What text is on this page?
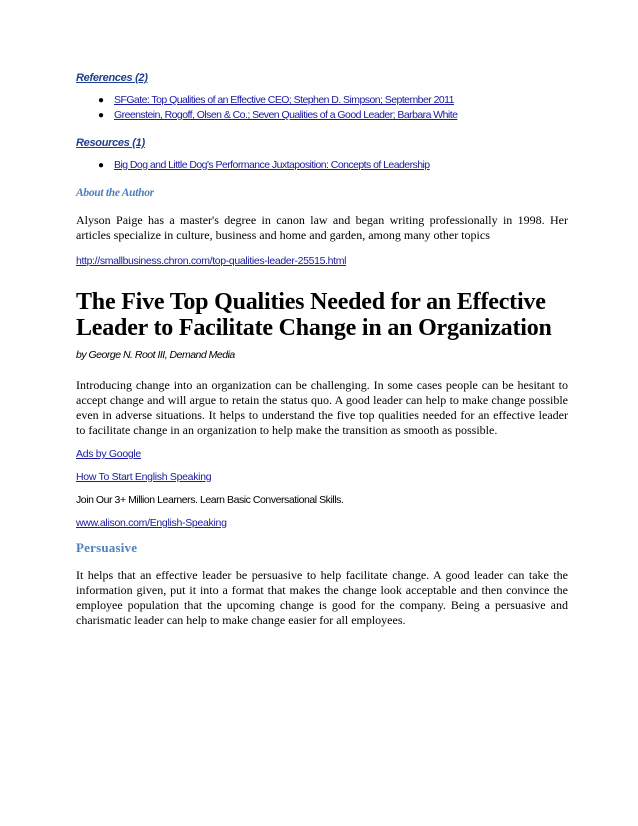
References (2)
● SFGate: Top Qualities of an Effective CEO; Stephen D. Simpson; September 2011
● Greenstein, Rogoff, Olsen & Co.; Seven Qualities of a Good Leader; Barbara White
Resources (1)
● Big Dog and Little Dog's Performance Juxtaposition: Concepts of Leadership
About the Author

Alyson Paige has a master's degree in canon law and began writing professionally in 1998. Her articles specialize in culture, business and home and garden, among many other topics

http://smallbusiness.chron.com/top-qualities-leader-25515.html
The Five Top Qualities Needed for an Effective Leader to Facilitate Change in an Organization
by George N. Root III, Demand Media

Introducing change into an organization can be challenging. In some cases people can be hesitant to accept change and will argue to retain the status quo. A good leader can help to make change possible even in adverse situations. It helps to understand the five top qualities needed for an effective leader to facilitate change in an organization to help make the transition as smooth as possible.

Ads by Google
How To Start English Speaking
Join Our 3+ Million Learners. Learn Basic Conversational Skills.
www.alison.com/English-Speaking
Persuasive

It helps that an effective leader be persuasive to help facilitate change. A good leader can take the information given, put it into a format that makes the change look acceptable and then convince the employee population that the upcoming change is good for the company. Being a persuasive and charismatic leader can help to make change easier for all employees.
